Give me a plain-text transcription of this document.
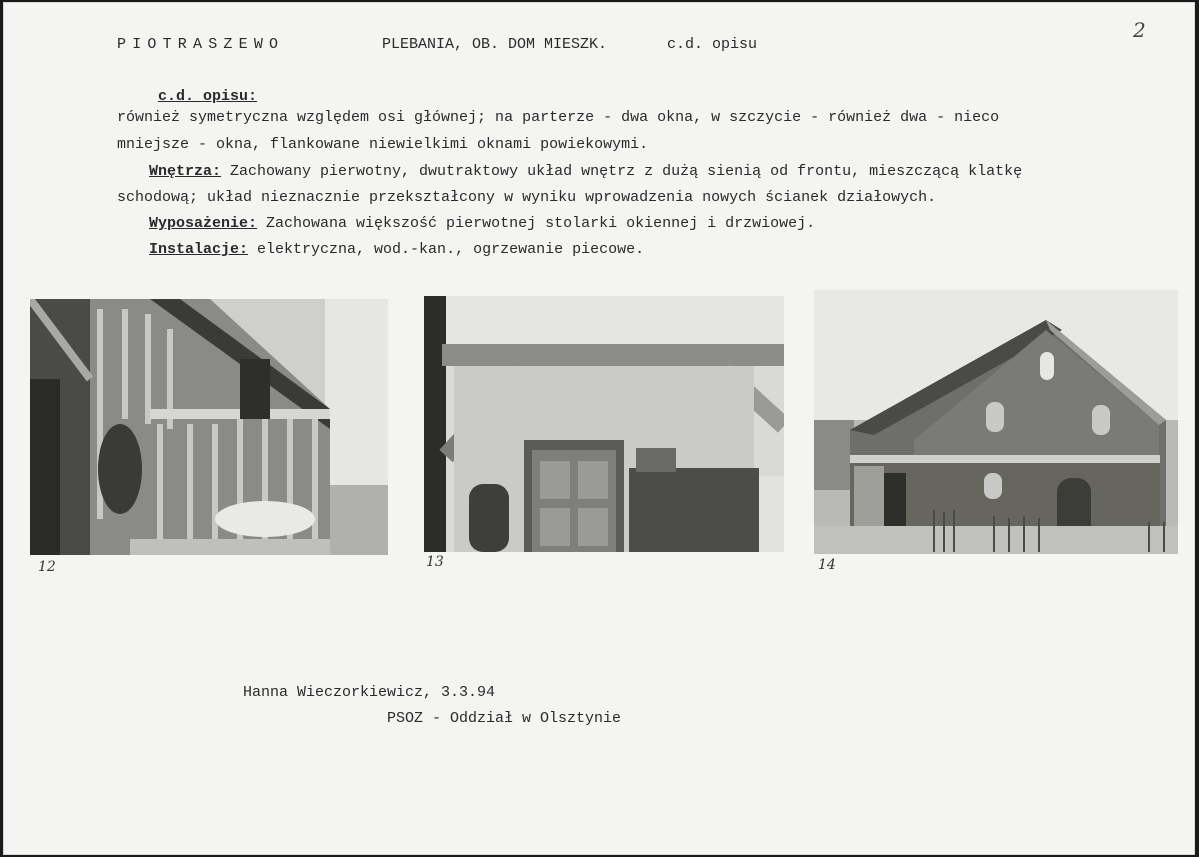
PIOTRASZEWO	PLEBANIA, OB. DOM MIESZK.	c.d. opisu
2
c.d. opisu:
również symetryczna względem osi głównej; na parterze - dwa okna, w szczycie - również dwa - nieco
mniejsze - okna, flankowane niewielkimi oknami powiekowymi.
Wnętrza: Zachowany pierwotny, dwutraktowy układ wnętrz z dużą sienią od frontu, mieszczącą klatkę
schodową; układ nieznacznie przekształcony w wyniku wprowadzenia nowych ścianek działowych.
Wyposażenie: Zachowana większość pierwotnej stolarki okiennej i drzwiowej.
Instalacje: elektryczna, wod.-kan., ogrzewanie piecowe.
12	13	14
Hanna Wieczorkiewicz, 3.3.94
PSOZ - Oddział w Olsztynie
